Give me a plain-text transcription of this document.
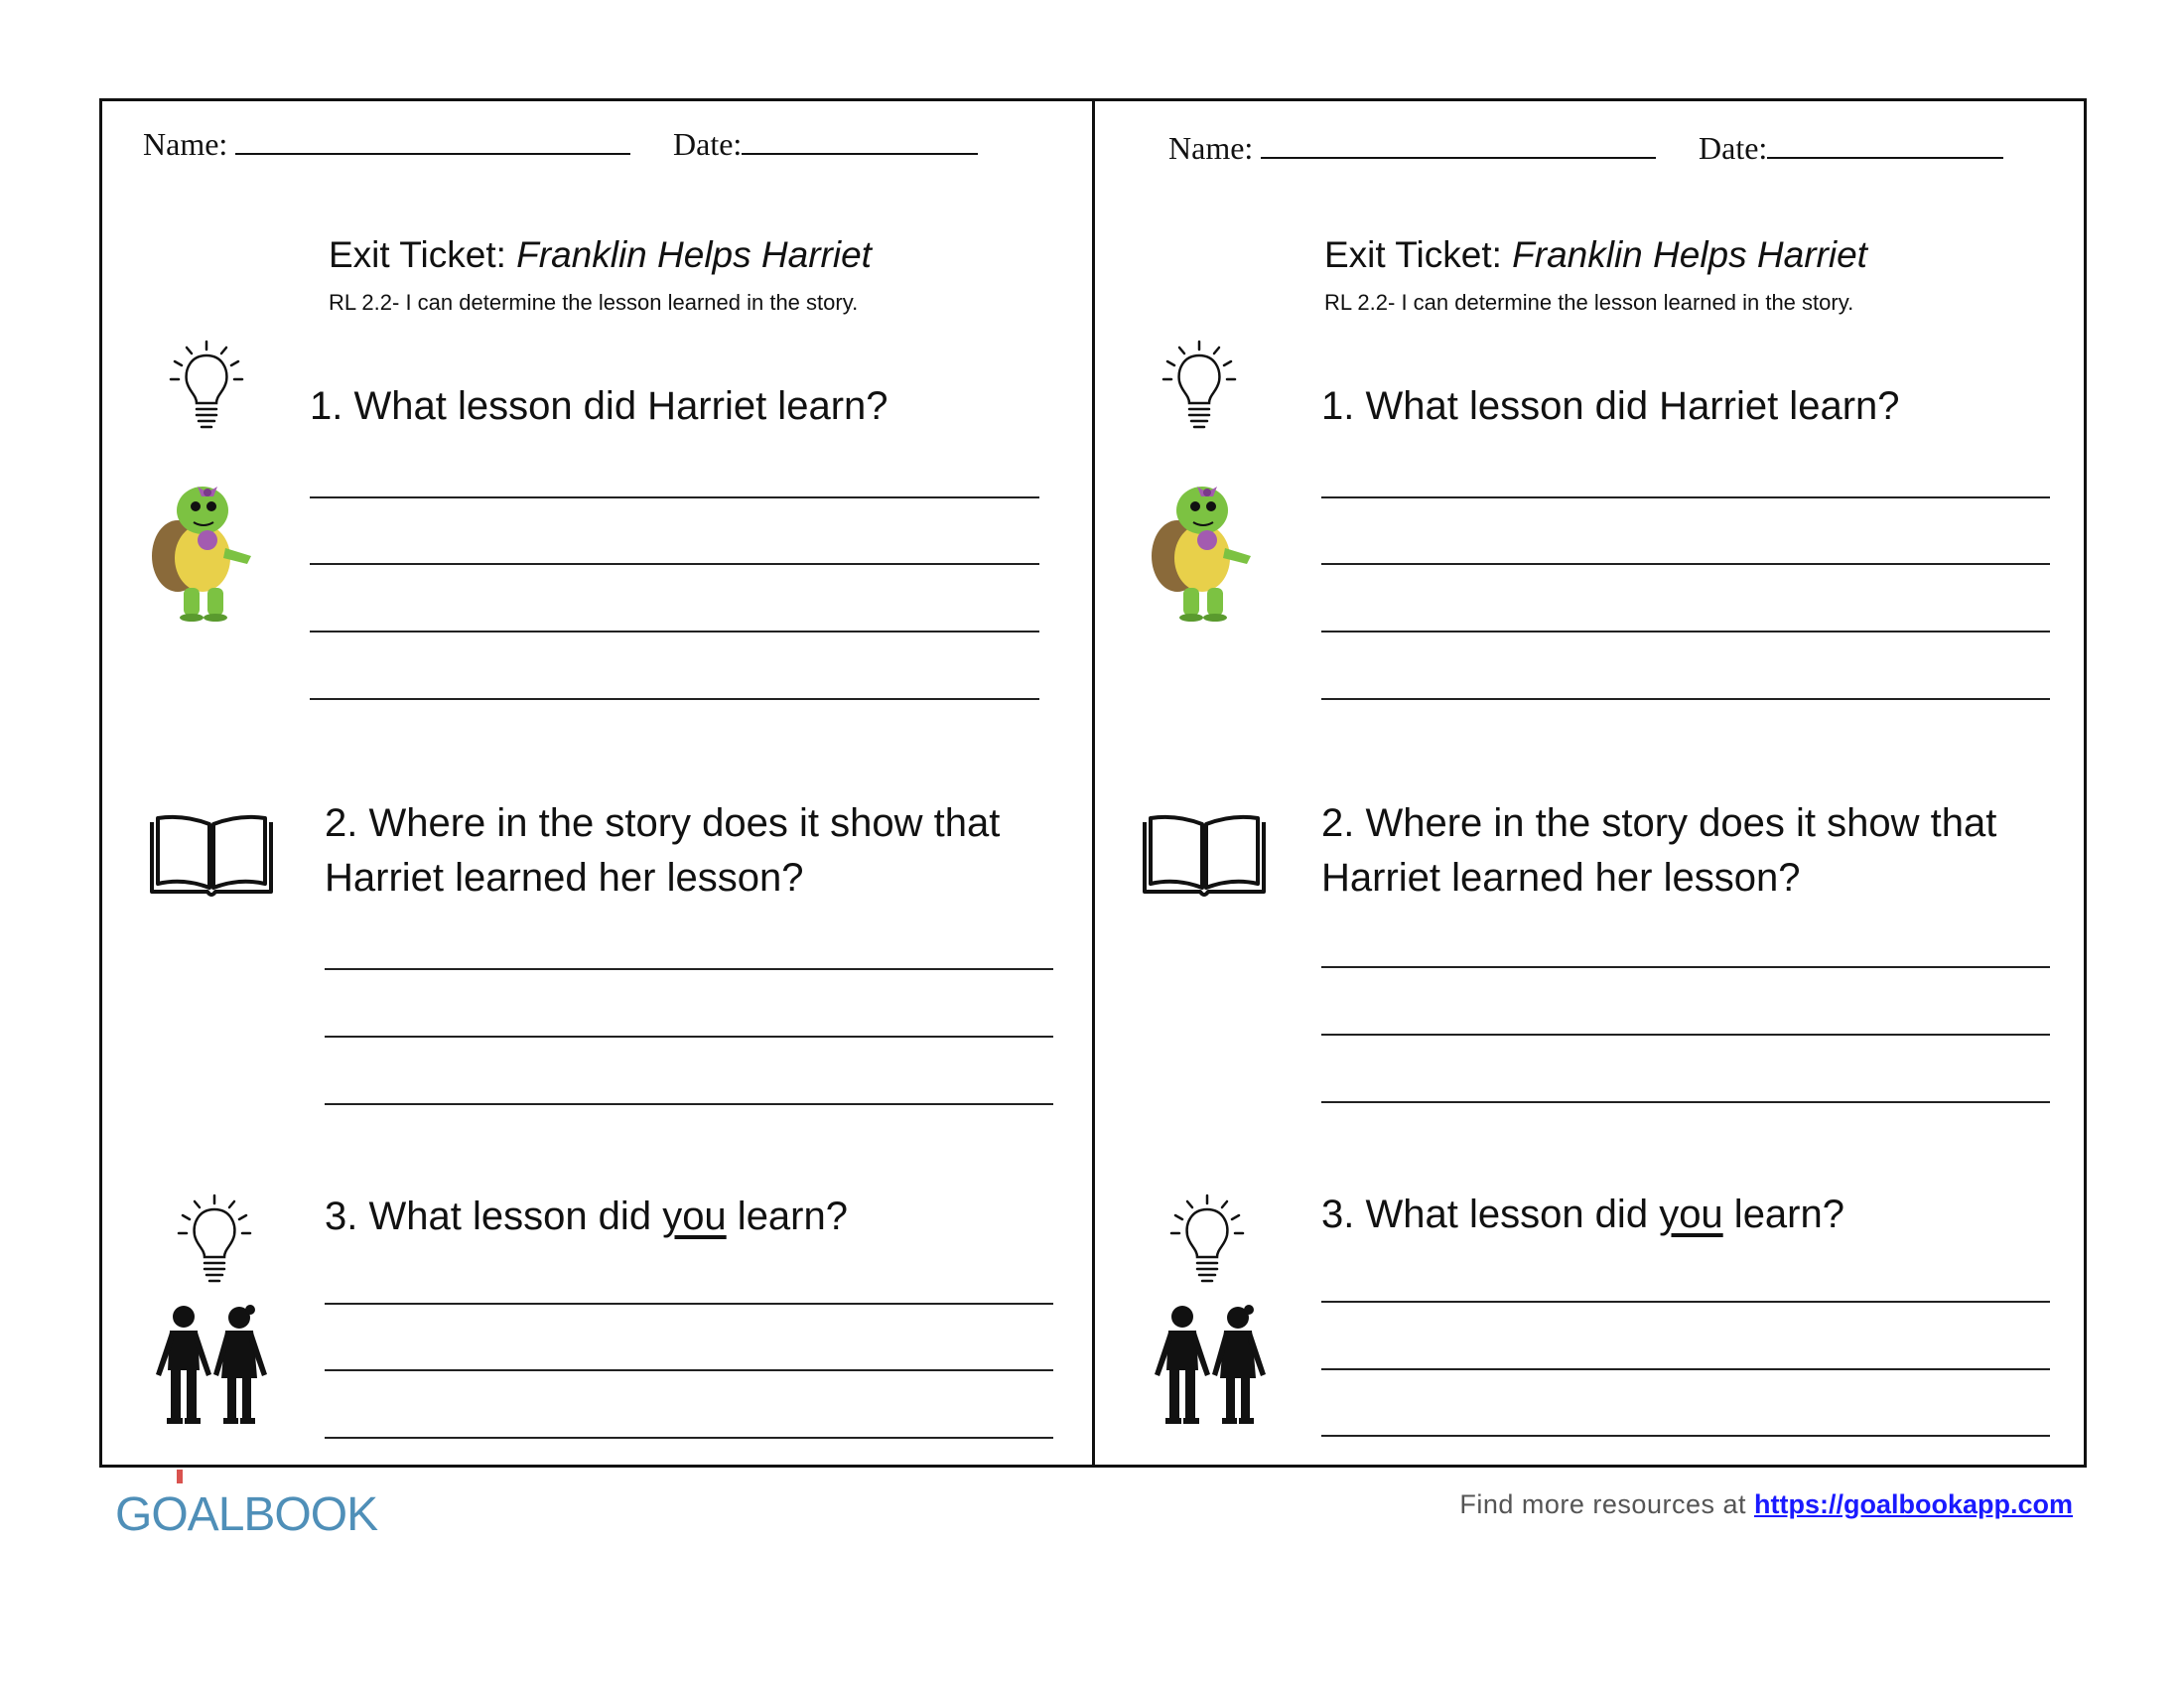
Name:	Date:
Exit Ticket: Franklin Helps Harriet
RL 2.2- I can determine the lesson learned in the story.
1. What lesson did Harriet learn?
2. Where in the story does it show that
Harriet learned her lesson?
3. What lesson did you learn?
Name:	Date:
Exit Ticket: Franklin Helps Harriet
RL 2.2- I can determine the lesson learned in the story.
1. What lesson did Harriet learn?
2. Where in the story does it show that
Harriet learned her lesson?
3. What lesson did you learn?
GOALBOOK	Find more resources at https://goalbookapp.com
